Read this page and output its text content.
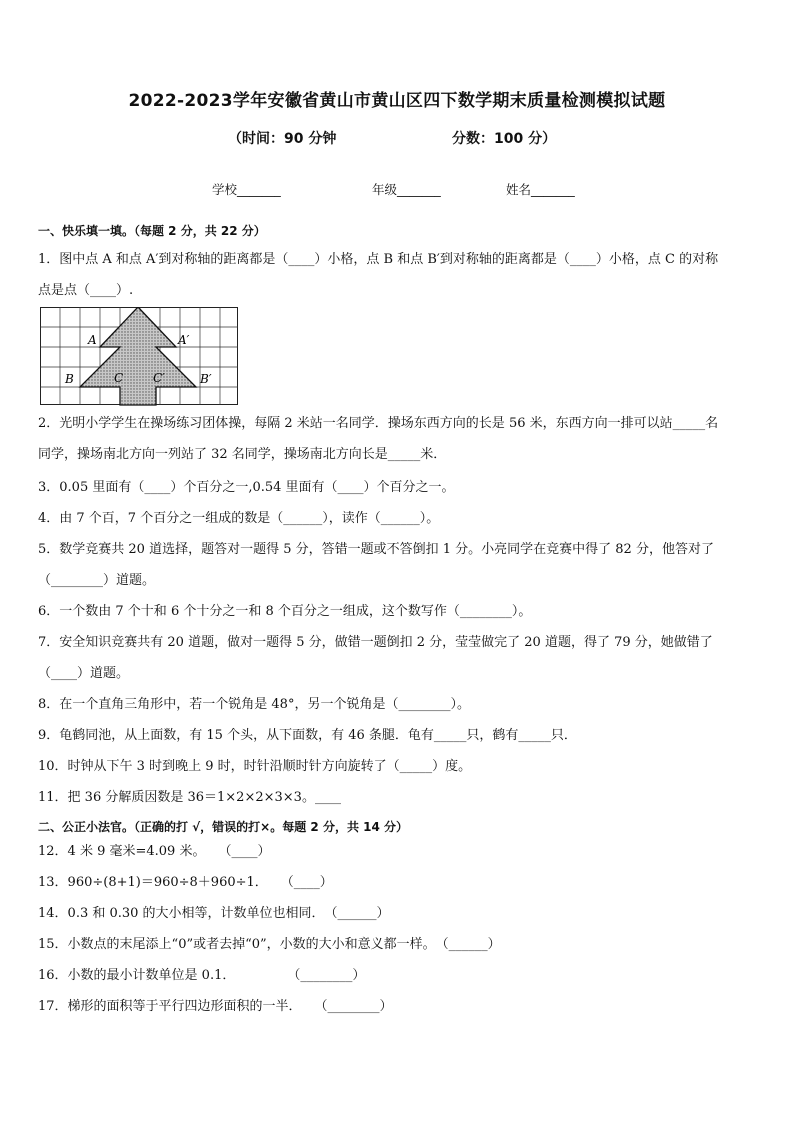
2022-2023学年安徽省黄山市黄山区四下数学期末质量检测模拟试题
（时间：90 分钟	分数：100 分）
学校_______	年级_______	姓名_______
一、快乐填一填。（每题 2 分，共 22 分）
1．图中点 A 和点 A′到对称轴的距离都是（____）小格，点 B 和点 B′到对称轴的距离都是（____）小格，点 C 的对称
点是点（____）.
A	A′
B	B′
C C′
2．光明小学学生在操场练习团体操，每隔 2 米站一名同学．操场东西方向的长是 56 米，东西方向一排可以站_____名
同学，操场南北方向一列站了 32 名同学，操场南北方向长是_____米．
3．0.05 里面有（____）个百分之一,0.54 里面有（____）个百分之一。
4．由 7 个百，7 个百分之一组成的数是（______），读作（______）。
5．数学竞赛共 20 道选择，题答对一题得 5 分，答错一题或不答倒扣 1 分。小亮同学在竞赛中得了 82 分，他答对了
（________）道题。
6．一个数由 7 个十和 6 个十分之一和 8 个百分之一组成，这个数写作（________）。
7．安全知识竞赛共有 20 道题，做对一题得 5 分，做错一题倒扣 2 分，莹莹做完了 20 道题，得了 79 分，她做错了
（____）道题。
8．在一个直角三角形中，若一个锐角是 48°，另一个锐角是（________）。
9．龟鹤同池，从上面数，有 15 个头，从下面数，有 46 条腿．龟有_____只，鹤有_____只．
10．时钟从下午 3 时到晚上 9 时，时针沿顺时针方向旋转了（_____）度。
11．把 36 分解质因数是 36＝1×2×2×3×3。____
二、公正小法官。（正确的打 √，错误的打×。每题 2 分，共 14 分）
12．4 米 9 毫米=4.09 米。　　（____）
13．960÷(8+1)＝960÷8＋960÷1．　　（____）
14．0.3 和 0.30 的大小相等，计数单位也相同．　（______）
15．小数点的末尾添上“0”或者去掉“0”，小数的大小和意义都一样。　（______）
16．小数的最小计数单位是 0.1．　　　　　（________）
17．梯形的面积等于平行四边形面积的一半．　　（________）
